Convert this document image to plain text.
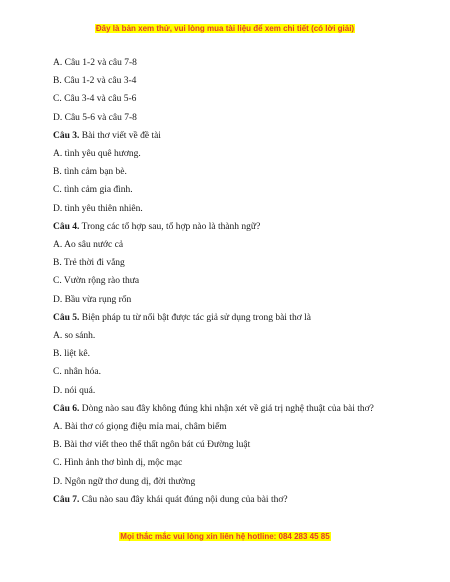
Đây là bản xem thử, vui lòng mua tài liệu để xem chi tiết (có lời giải)
A. Câu 1-2 và câu 7-8
B. Câu 1-2 và câu 3-4
C. Câu 3-4 và câu 5-6
D. Câu 5-6 và câu 7-8
Câu 3. Bài thơ viết về đề tài
A. tình yêu quê hương.
B. tình cảm bạn bè.
C. tình cảm gia đình.
D. tình yêu thiên nhiên.
Câu 4. Trong các tổ hợp sau, tổ hợp nào là thành ngữ?
A. Ao sâu nước cả
B. Trẻ thời đi vắng
C. Vườn rộng rào thưa
D. Bầu vừa rụng rốn
Câu 5. Biện pháp tu từ nổi bật được tác giả sử dụng trong bài thơ là
A. so sánh.
B. liệt kê.
C. nhân hóa.
D. nói quá.
Câu 6. Dòng nào sau đây không đúng khi nhận xét về giá trị nghệ thuật của bài thơ?
A. Bài thơ có giọng điệu mỉa mai, châm biếm
B. Bài thơ viết theo thể thất ngôn bát cú Đường luật
C. Hình ảnh thơ bình dị, mộc mạc
D. Ngôn ngữ thơ dung dị, đời thường
Câu 7. Câu nào sau đây khái quát đúng nội dung của bài thơ?
Mọi thắc mắc vui lòng xin liên hệ hotline: 084 283 45 85
